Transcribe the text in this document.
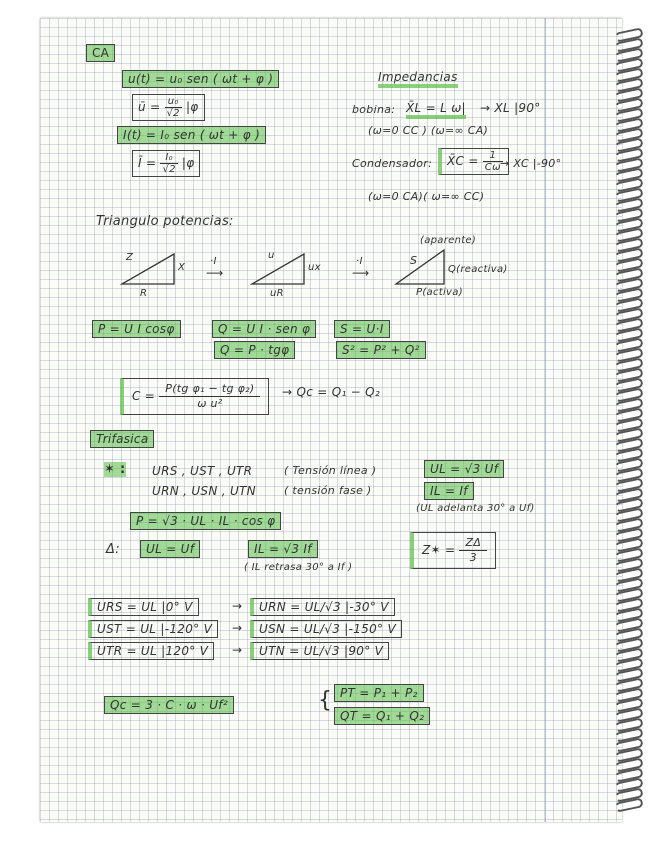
CA
u(t) = u₀ sen ( ωt + φ )
ū = $\frac{\text{u₀}}{√2} |\varphi$
I(t) = I₀ sen ( ωt + φ )
Ī = $\frac{\text{I₀}}{√2} |\varphi$
Impedancias
bobina: X̄L = L ω| → XL |90°
(ω=0 CC ) (ω=∞ CA)
Condensador:	X̄C = $\frac{1}{C\omega}$
→ XC |-90°
(ω=0 CA)( ω=∞ CC)
Triangulo potencias:
Z
X
R
·I
⟶
u
ux
uR
·I
⟶
(aparente)
S
Q(reactiva)
P(activa)
P = U I cosφ	Q = U I · sen φ	S = U·I
Q = P · tgφ	S² = P² + Q²
$C = \frac{\text{P(tg φ₁ − tg φ₂)}}{\text{ω u²}} \to Qc = Q_1 - Q_2$
Trifasica
✶ : URS , UST , UTR	( Tensión línea )
URN , USN , UTN	( tensión fase )
UL = √3 Uf
IL = If
(UL adelanta 30° a Uf)
P = √3 · UL · IL · cos φ
Δ:	UL = Uf	IL = √3 If
( IL retrasa 30° a If )
Z✶ = $\frac{Z\Delta}{3}$
URS = UL |0° V	→	URN = UL/√3 |-30° V
UST = UL |-120° V	→	USN = UL/√3 |-150° V
UTR = UL |120° V	→	UTN = UL/√3 |90° V
Qc = 3 · C · ω · Uf²	{ PT = P₁ + P₂
QT = Q₁ + Q₂
